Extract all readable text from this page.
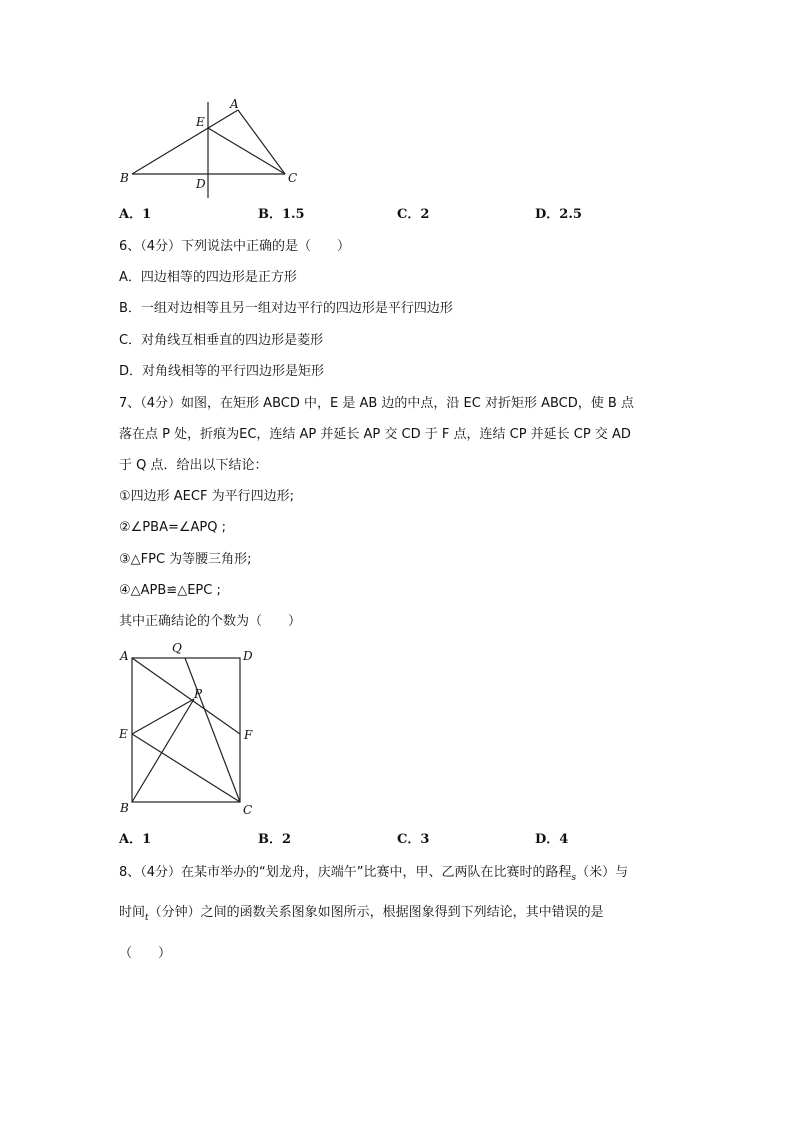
A
E
B	D	C
A．1	B．1.5	C．2	D．2.5
6、（4分）下列说法中正确的是（　　）
A．四边相等的四边形是正方形
B．一组对边相等且另一组对边平行的四边形是平行四边形
C．对角线互相垂直的四边形是菱形
D．对角线相等的平行四边形是矩形
7、（4分）如图，在矩形 ABCD 中，E 是 AB 边的中点，沿 EC 对折矩形 ABCD，使 B 点
落在点 P 处，折痕为EC，连结 AP 并延长 AP 交 CD 于 F 点，连结 CP 并延长 CP 交 AD
于 Q 点．给出以下结论：
①四边形 AECF 为平行四边形;
②∠PBA=∠APQ ;
③△FPC 为等腰三角形;
④△APB≌△EPC ;
其中正确结论的个数为（　　）
A
Q
D
P
E	F
B	C
A．1	B．2	C．3	D．4
8、（4分）在某市举办的“划龙舟，庆端午”比赛中，甲、乙两队在比赛时的路程$_s$（米）与
时间$_t$（分钟）之间的函数关系图象如图所示，根据图象得到下列结论，其中错误的是
（　　）
